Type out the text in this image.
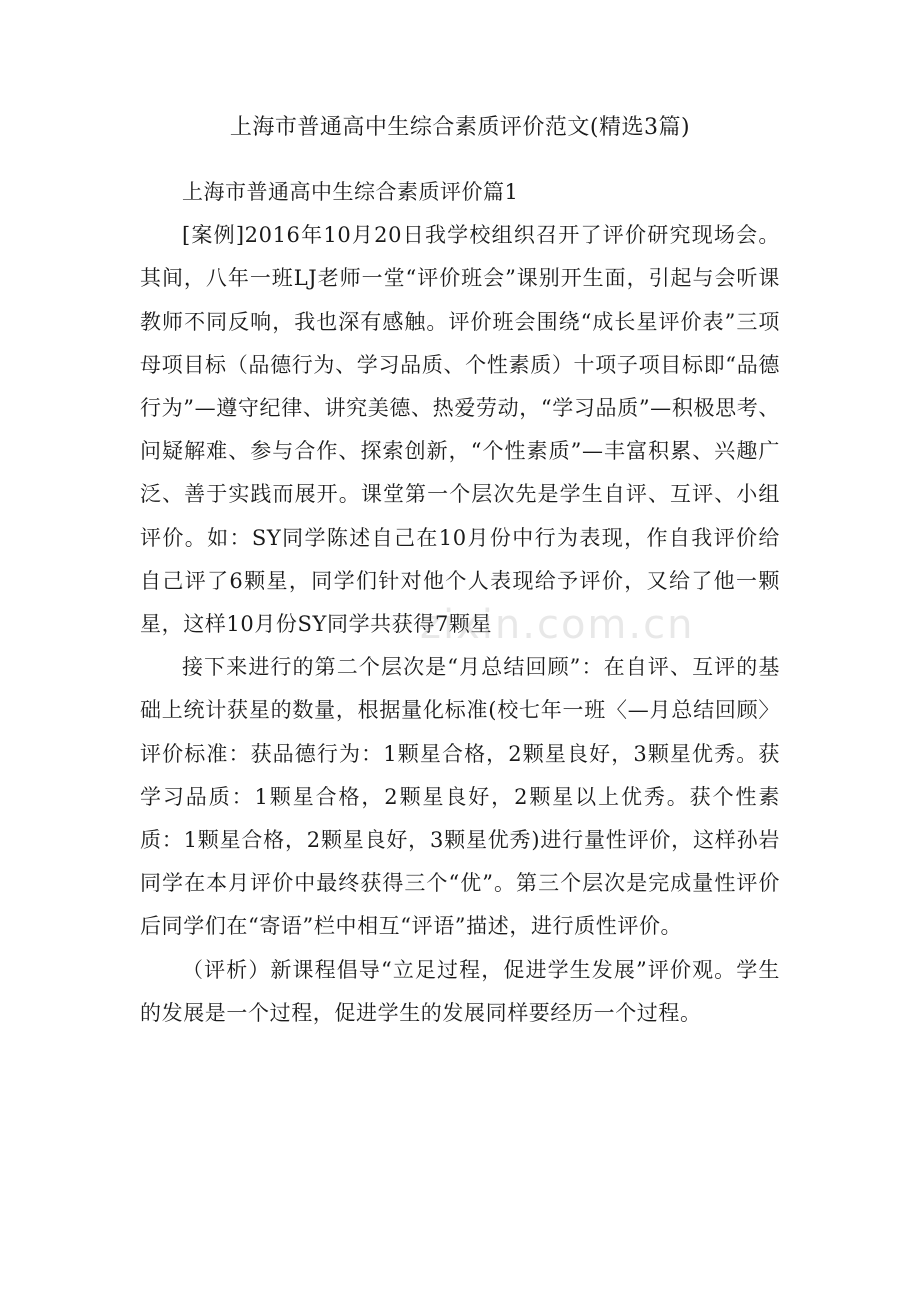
上海市普通高中生综合素质评价范文(精选3篇)

上海市普通高中生综合素质评价篇1

[案例]2016年10月20日我学校组织召开了评价研究现场会。其间，八年一班LJ老师一堂“评价班会”课别开生面，引起与会听课教师不同反响，我也深有感触。评价班会围绕“成长星评价表”三项母项目标（品德行为、学习品质、个性素质）十项子项目标即“品德行为”—遵守纪律、讲究美德、热爱劳动，“学习品质”—积极思考、问疑解难、参与合作、探索创新，“个性素质”—丰富积累、兴趣广泛、善于实践而展开。课堂第一个层次先是学生自评、互评、小组评价。如：SY同学陈述自己在10月份中行为表现，作自我评价给自己评了6颗星，同学们针对他个人表现给予评价，又给了他一颗星，这样10月份SY同学共获得7颗星

接下来进行的第二个层次是“月总结回顾”：在自评、互评的基础上统计获星的数量，根据量化标准(校七年一班〈—月总结回顾〉评价标准：获品德行为：1颗星合格，2颗星良好，3颗星优秀。获学习品质：1颗星合格，2颗星良好，2颗星以上优秀。获个性素质：1颗星合格，2颗星良好，3颗星优秀)进行量性评价，这样孙岩同学在本月评价中最终获得三个“优”。第三个层次是完成量性评价后同学们在“寄语”栏中相互“评语”描述，进行质性评价。

（评析）新课程倡导“立足过程，促进学生发展”评价观。学生的发展是一个过程，促进学生的发展同样要经历一个过程。

zixin.com.cn
